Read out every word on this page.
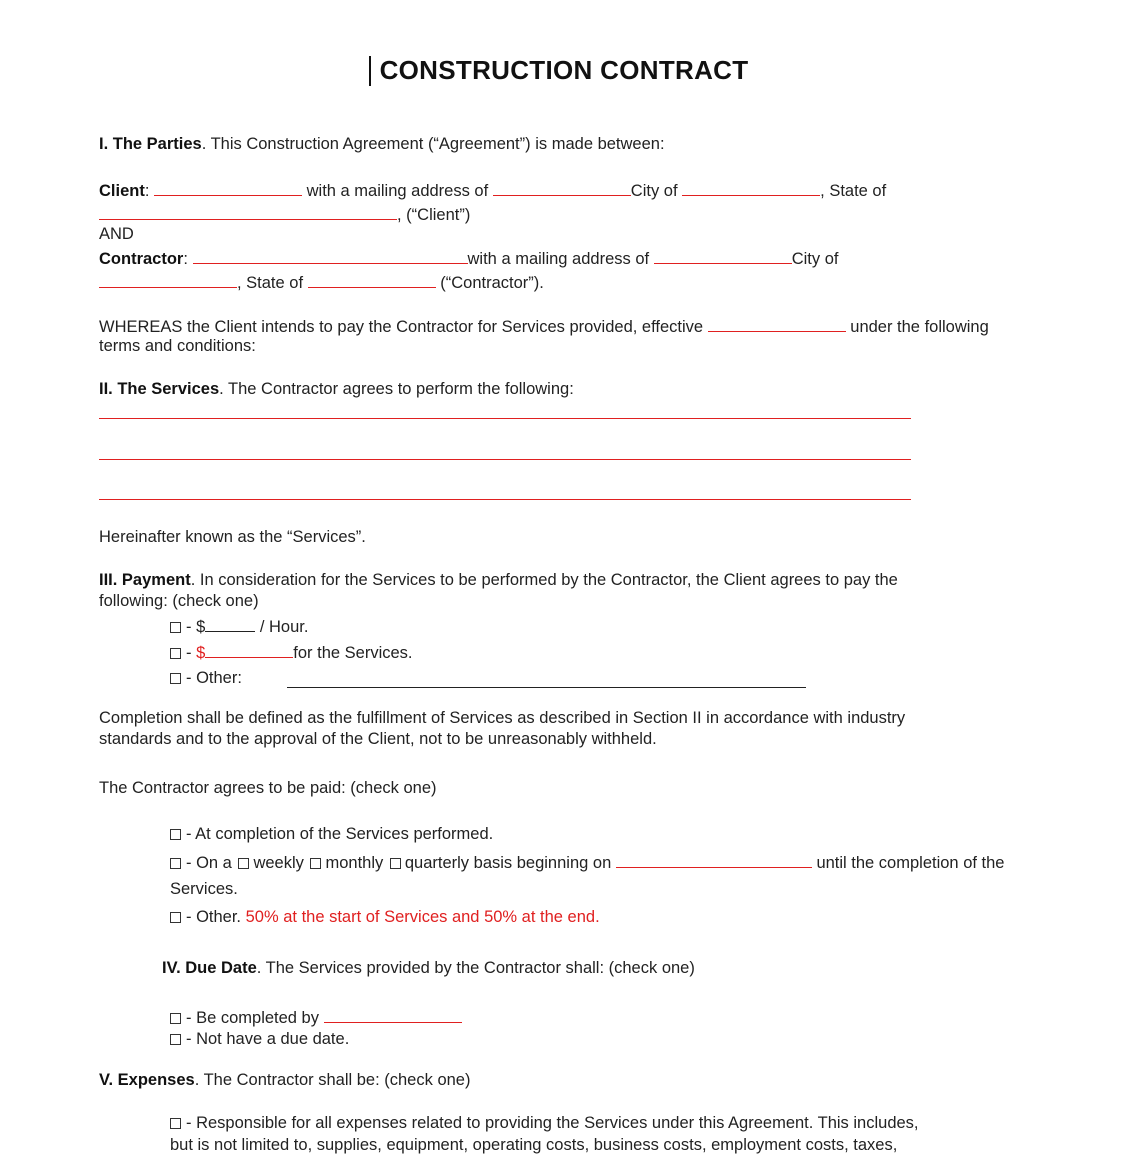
CONSTRUCTION CONTRACT
I. The Parties. This Construction Agreement (“Agreement”) is made between:
Client:	with a mailing address of	City of	, State of
, (“Client”)
AND
Contractor:	with a mailing address of	City of
, State of	(“Contractor”).
WHEREAS the Client intends to pay the Contractor for Services provided, effective	under the following
terms and conditions:
II. The Services. The Contractor agrees to perform the following:
Hereinafter known as the “Services”.
III. Payment. In consideration for the Services to be performed by the Contractor, the Client agrees to pay the
following: (check one)
- $	/ Hour.
- $	for the Services.
- Other:
Completion shall be defined as the fulfillment of Services as described in Section II in accordance with industry
standards and to the approval of the Client, not to be unreasonably withheld.
The Contractor agrees to be paid: (check one)
- At completion of the Services performed.
- On a weekly monthly quarterly basis beginning on	until the completion of the
Services.
- Other. 50% at the start of Services and 50% at the end.
IV. Due Date. The Services provided by the Contractor shall: (check one)
- Be completed by
- Not have a due date.
V. Expenses. The Contractor shall be: (check one)
- Responsible for all expenses related to providing the Services under this Agreement. This includes,
but is not limited to, supplies, equipment, operating costs, business costs, employment costs, taxes,
